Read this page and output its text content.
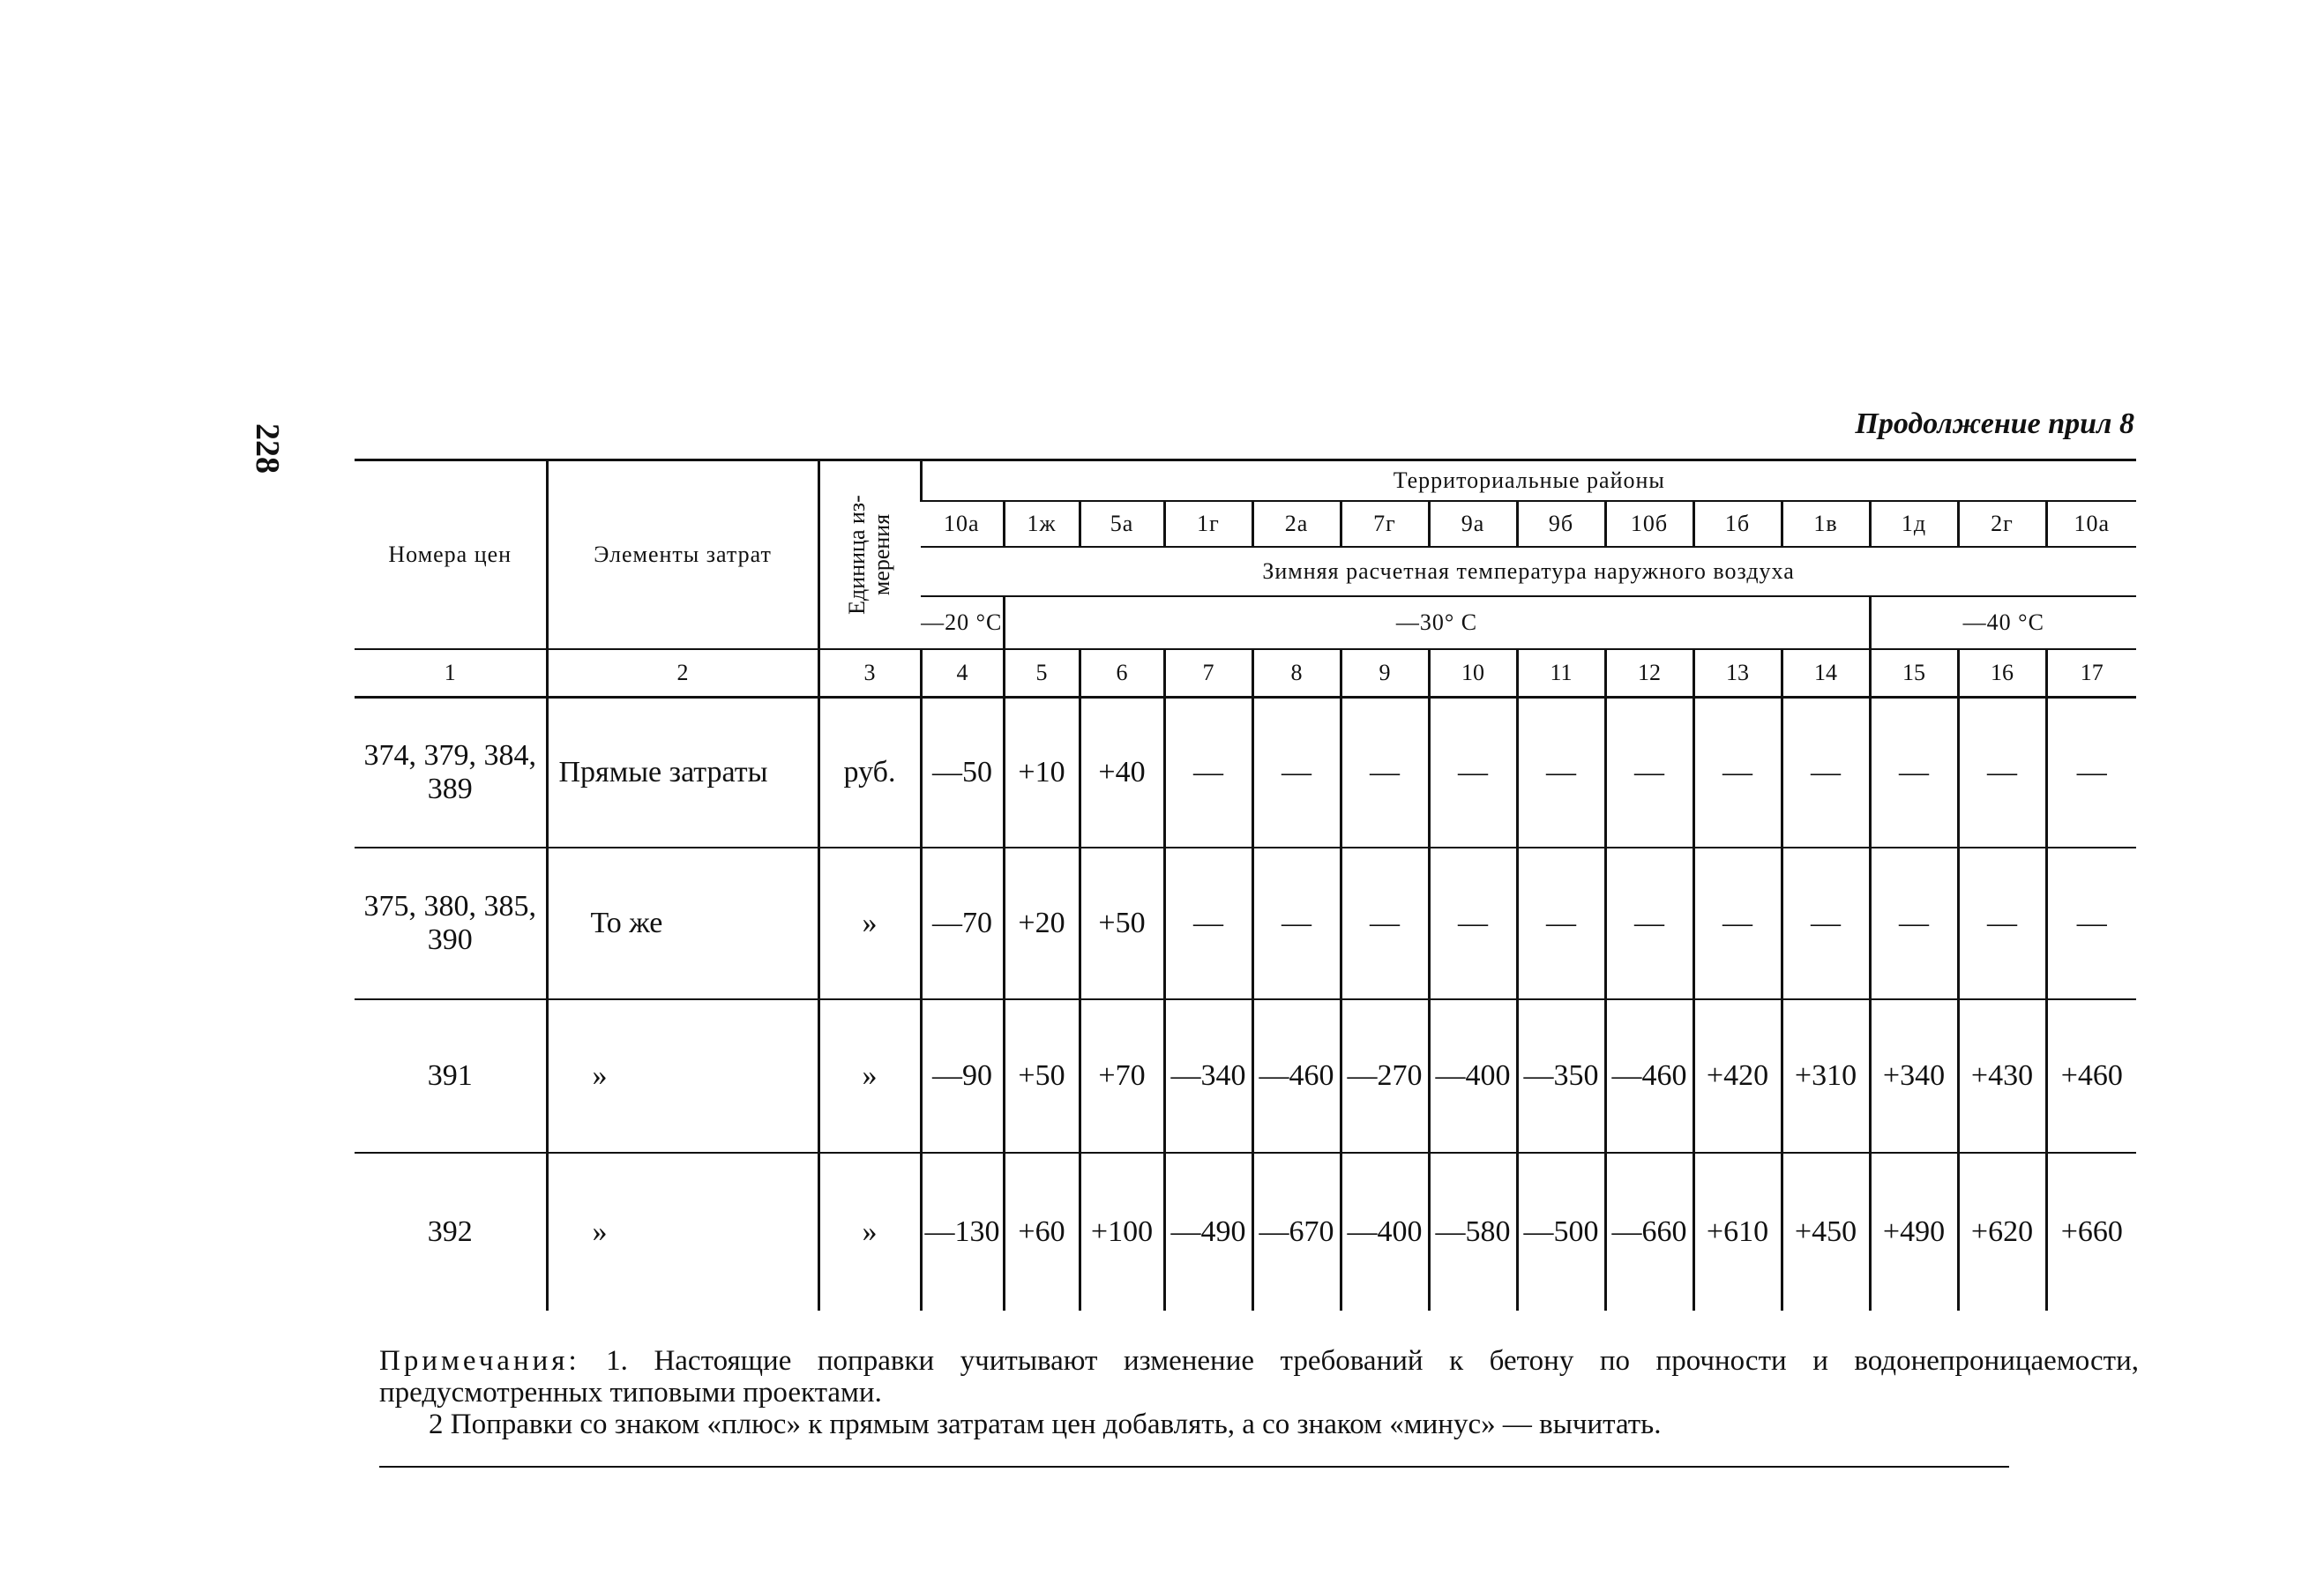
228	Продолжение прил 8
Номера цен	Элементы затрат	Единица из-мерения	Территориальные районы													
			10а	1ж	5а	1г	2а	7г	9а	9б	10б	1б	1в	1д	2г	10а
			Зимняя расчетная температура наружного воздуха													
			—20 °С	—30° С										—40 °С		
1	2	3	4	5	6	7	8	9	10	11	12	13	14	15	16	17
374, 379, 384, 389	Прямые затраты	руб.	—50	+10	+40	—	—	—	—	—	—	—	—	—	—	—
375, 380, 385, 390	То же	»	—70	+20	+50	—	—	—	—	—	—	—	—	—	—	—
391	»	»	—90	+50	+70	—340	—460	—270	—400	—350	—460	+420	+310	+340	+430	+460
392	»	»	—130	+60	+100	—490	—670	—400	—580	—500	—660	+610	+450	+490	+620	+660
Примечания: 1. Настоящие поправки учитывают изменение требований к бетону по прочности и водонепроницаемости, предусмотренных типовыми проектами.
2 Поправки со знаком «плюс» к прямым затратам цен добавлять, а со знаком «минус» — вычитать.
